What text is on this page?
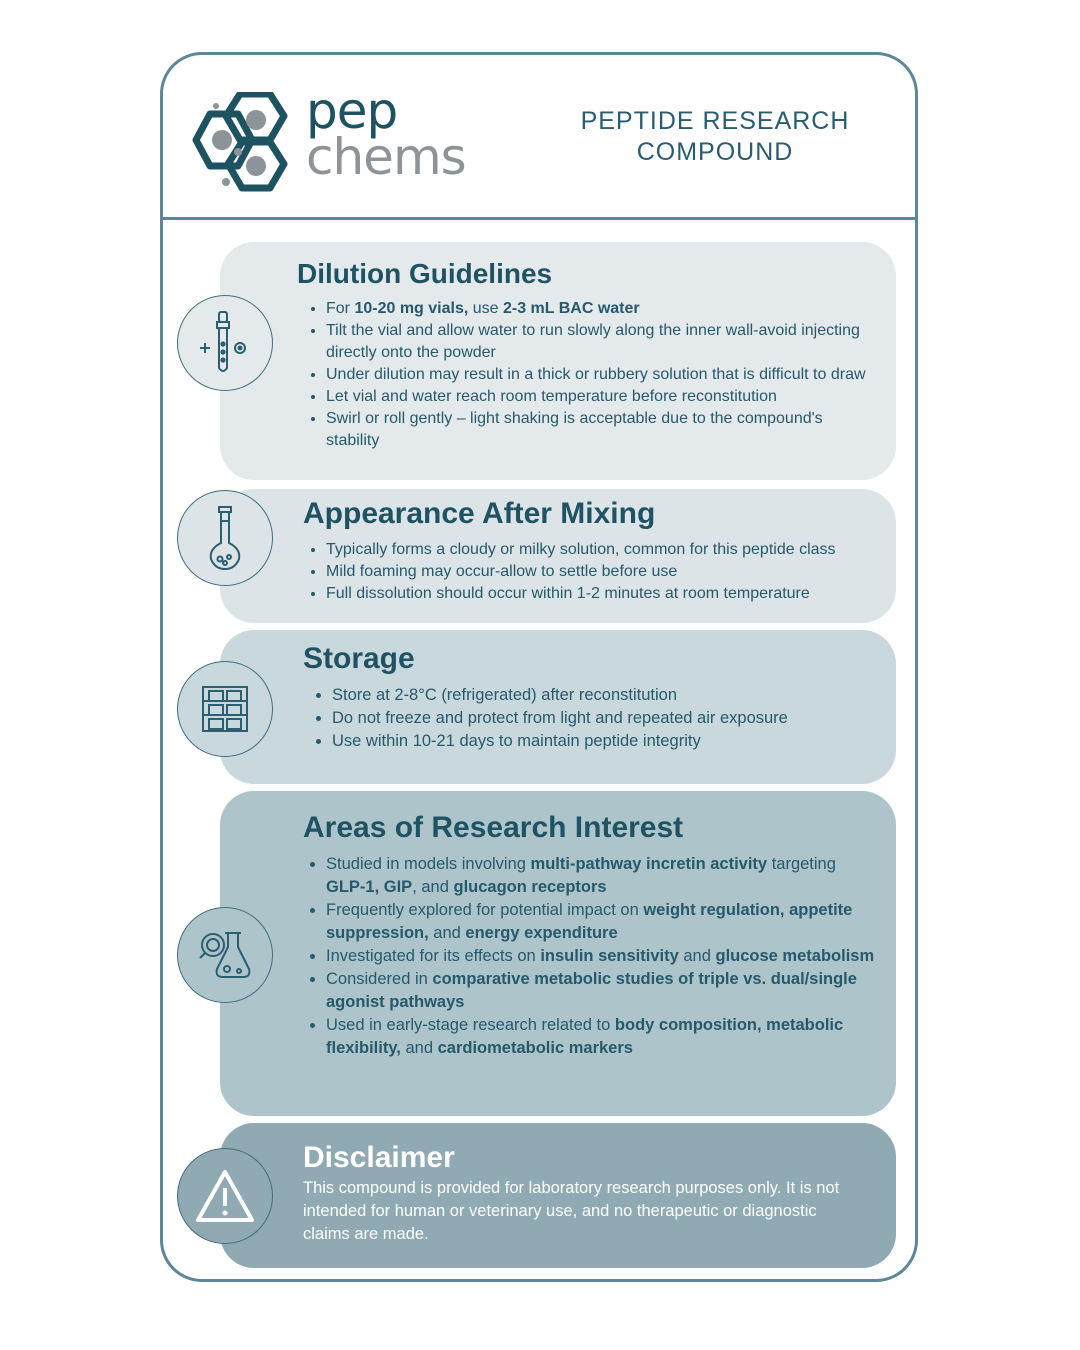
pep
chems
PEPTIDE RESEARCH
COMPOUND
Dilution Guidelines
• For 10-20 mg vials, use 2-3 mL BAC water
• Tilt the vial and allow water to run slowly along the inner wall-avoid injecting directly onto the powder
• Under dilution may result in a thick or rubbery solution that is difficult to draw
• Let vial and water reach room temperature before reconstitution
• Swirl or roll gently – light shaking is acceptable due to the compound's stability
Appearance After Mixing
• Typically forms a cloudy or milky solution, common for this peptide class
• Mild foaming may occur-allow to settle before use
• Full dissolution should occur within 1-2 minutes at room temperature
Storage
• Store at 2-8°C (refrigerated) after reconstitution
• Do not freeze and protect from light and repeated air exposure
• Use within 10-21 days to maintain peptide integrity
Areas of Research Interest
• Studied in models involving multi-pathway incretin activity targeting GLP-1, GIP, and glucagon receptors
• Frequently explored for potential impact on weight regulation, appetite suppression, and energy expenditure
• Investigated for its effects on insulin sensitivity and glucose metabolism
• Considered in comparative metabolic studies of triple vs. dual/single agonist pathways
• Used in early-stage research related to body composition, metabolic flexibility, and cardiometabolic markers
Disclaimer

This compound is provided for laboratory research purposes only. It is not intended for human or veterinary use, and no therapeutic or diagnostic claims are made.
